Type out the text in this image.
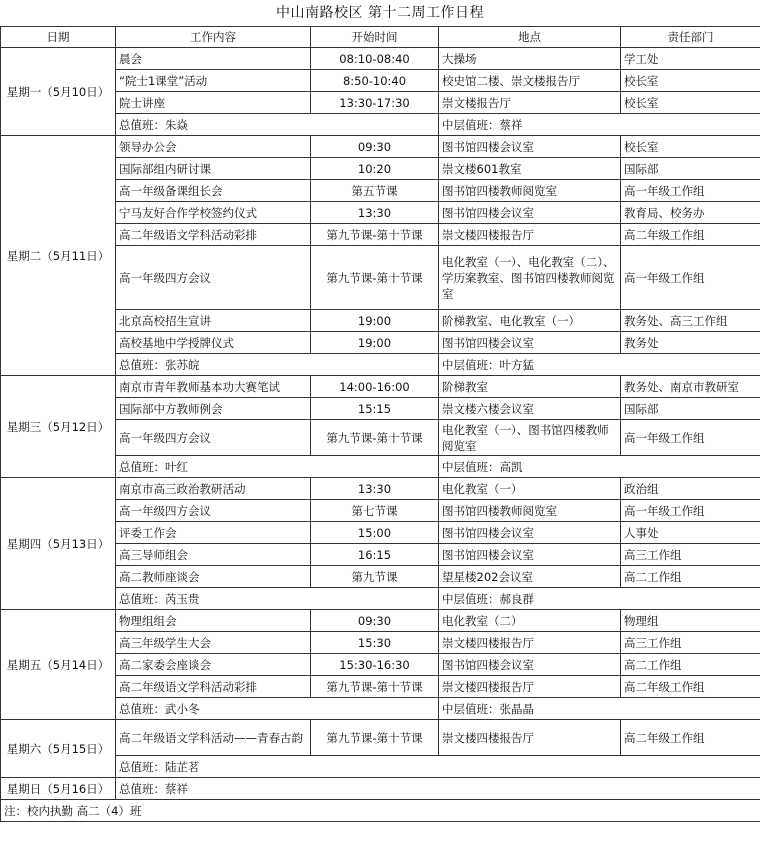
中山南路校区 第十二周工作日程
日期	工作内容	开始时间	地点	责任部门
星期一（5月10日）	晨会	08:10-08:40	大操场	学工处
	“院士1课堂”活动	8:50-10:40	校史馆二楼、崇文楼报告厅	校长室
	院士讲座	13:30-17:30	崇文楼报告厅	校长室
	总值班：朱焱		中层值班：蔡祥	
星期二（5月11日）	领导办公会	09:30	图书馆四楼会议室	校长室
	国际部组内研讨课	10:20	崇文楼601教室	国际部
	高一年级备课组长会	第五节课	图书馆四楼教师阅览室	高一年级工作组
	宁马友好合作学校签约仪式	13:30	图书馆四楼会议室	教育局、校务办
	高二年级语文学科活动彩排	第九节课-第十节课	崇文楼四楼报告厅	高二年级工作组
	高一年级四方会议	第九节课-第十节课	电化教室（一）、电化教室（二）、学历案教室、图书馆四楼教师阅览室	高一年级工作组
	北京高校招生宣讲	19:00	阶梯教室、电化教室（一）	教务处、高三工作组
	高校基地中学授牌仪式	19:00	图书馆四楼会议室	教务处
	总值班：张苏皖		中层值班：叶方猛	
星期三（5月12日）	南京市青年教师基本功大赛笔试	14:00-16:00	阶梯教室	教务处、南京市教研室
	国际部中方教师例会	15:15	崇文楼六楼会议室	国际部
	高一年级四方会议	第九节课-第十节课	电化教室（一）、图书馆四楼教师阅览室	高一年级工作组
	总值班：叶红		中层值班：高凯	
星期四（5月13日）	南京市高三政治教研活动	13:30	电化教室（一）	政治组
	高一年级四方会议	第七节课	图书馆四楼教师阅览室	高一年级工作组
	评委工作会	15:00	图书馆四楼会议室	人事处
	高三导师组会	16:15	图书馆四楼会议室	高三工作组
	高二教师座谈会	第九节课	望星楼202会议室	高二工作组
	总值班：芮玉贵		中层值班：郝良群	
星期五（5月14日）	物理组组会	09:30	电化教室（二）	物理组
	高三年级学生大会	15:30	崇文楼四楼报告厅	高三工作组
	高二家委会座谈会	15:30-16:30	图书馆四楼会议室	高二工作组
	高二年级语文学科活动彩排	第九节课-第十节课	崇文楼四楼报告厅	高二年级工作组
	总值班：武小冬		中层值班：张晶晶	
星期六（5月15日）	高二年级语文学科活动——青春古韵	第九节课-第十节课	崇文楼四楼报告厅	高二年级工作组
	总值班：陆芷茗			
星期日（5月16日）	总值班：蔡祥			
注：校内执勤 高二（4）班				
